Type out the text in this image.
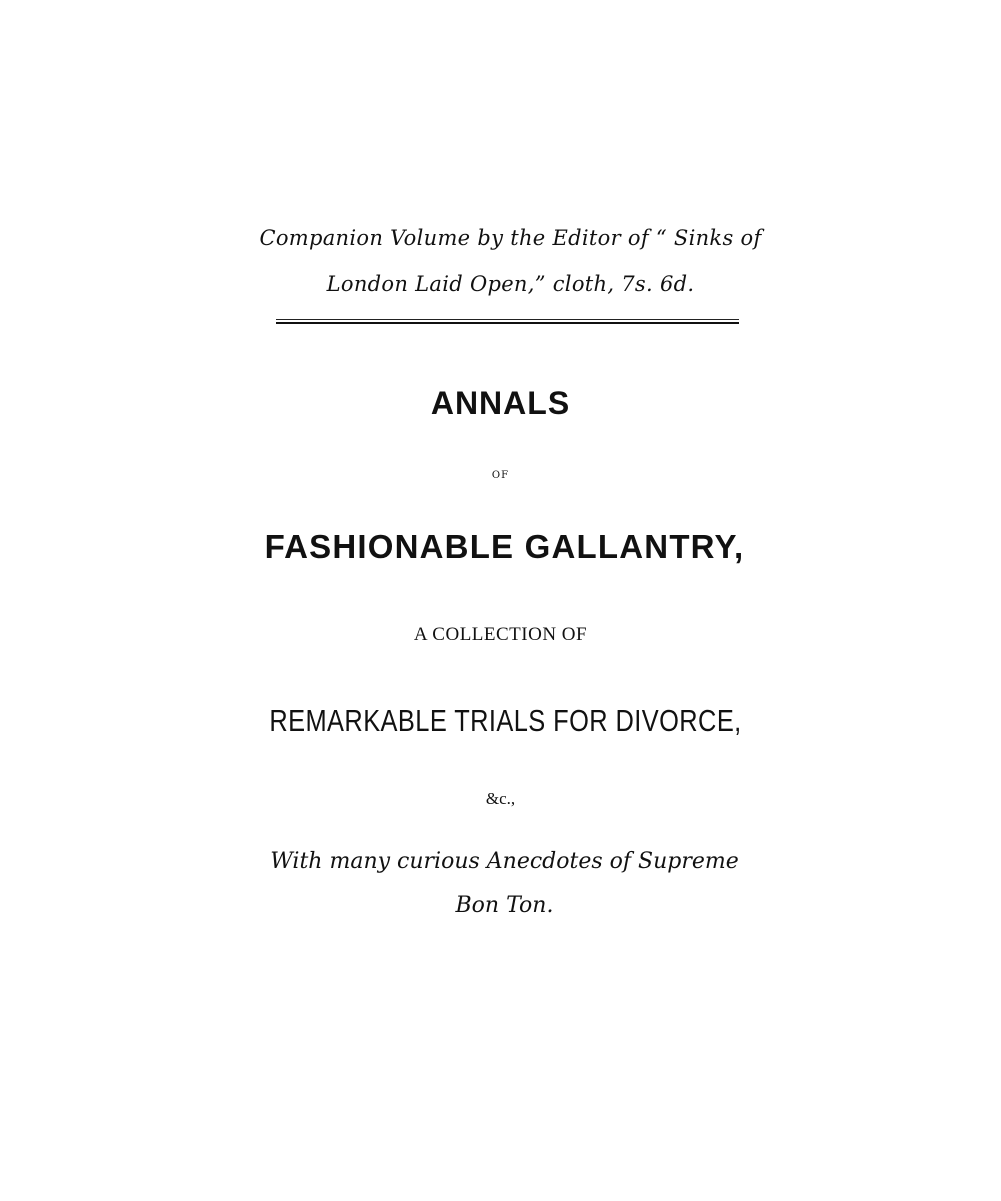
Companion Volume by the Editor of “ Sinks of
London Laid Open,” cloth, 7s. 6d.
ANNALS
OF
FASHIONABLE GALLANTRY,
A COLLECTION OF
REMARKABLE TRIALS FOR DIVORCE,
&c.,
With many curious Anecdotes of Supreme
Bon Ton.
